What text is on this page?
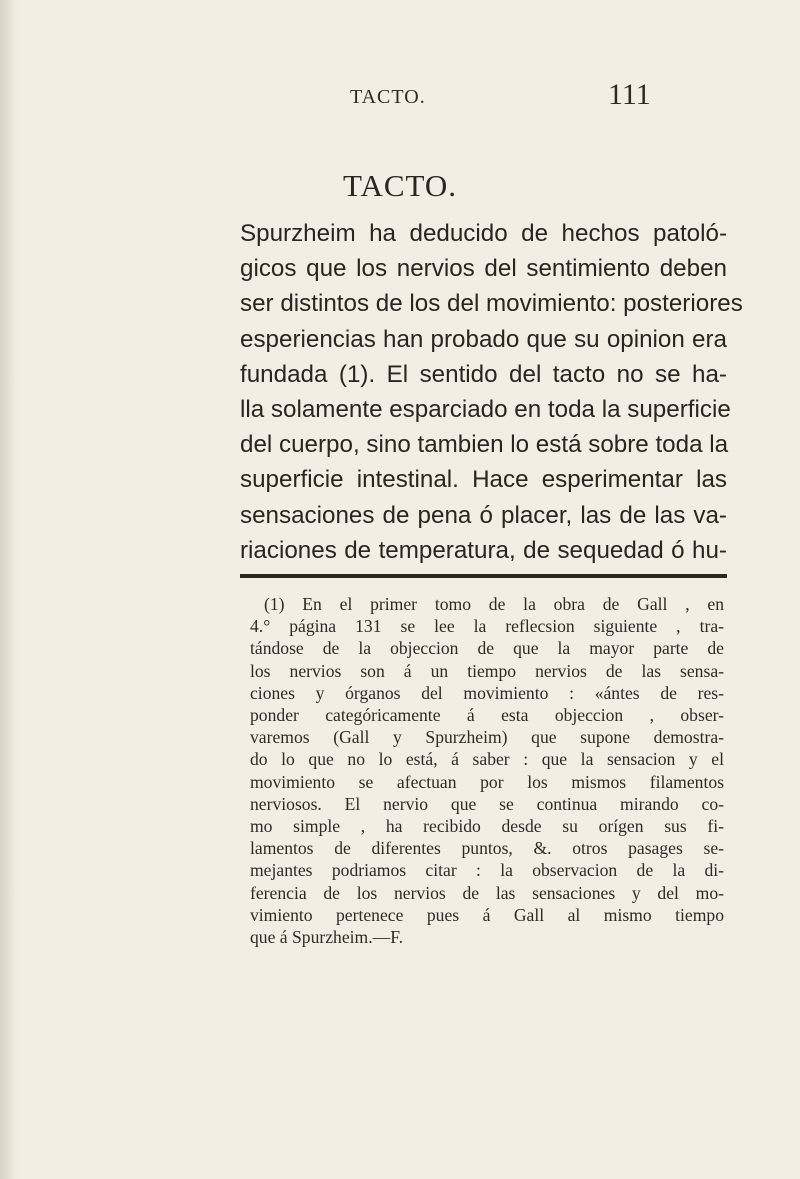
TACTO.	111
TACTO.

Spurzheim ha deducido de hechos patoló-
gicos que los nervios del sentimiento deben
ser distintos de los del movimiento: posteriores
esperiencias han probado que su opinion era
fundada (1). El sentido del tacto no se ha-
lla solamente esparciado en toda la superficie
del cuerpo, sino tambien lo está sobre toda la
superficie intestinal. Hace esperimentar las
sensaciones de pena ó placer, las de las va-
riaciones de temperatura, de sequedad ó hu-

(1) En el primer tomo de la obra de Gall , en
4.° página 131 se lee la reflecsion siguiente , tra-
tándose de la objeccion de que la mayor parte de
los nervios son á un tiempo nervios de las sensa-
ciones y órganos del movimiento : «ántes de res-
ponder categóricamente á esta objeccion , obser-
varemos (Gall y Spurzheim) que supone demostra-
do lo que no lo está, á saber : que la sensacion y el
movimiento se afectuan por los mismos filamentos
nerviosos. El nervio que se continua mirando co-
mo simple , ha recibido desde su orígen sus fi-
lamentos de diferentes puntos, &. otros pasages se-
mejantes podriamos citar : la observacion de la di-
ferencia de los nervios de las sensaciones y del mo-
vimiento pertenece pues á Gall al mismo tiempo
que á Spurzheim.—F.
